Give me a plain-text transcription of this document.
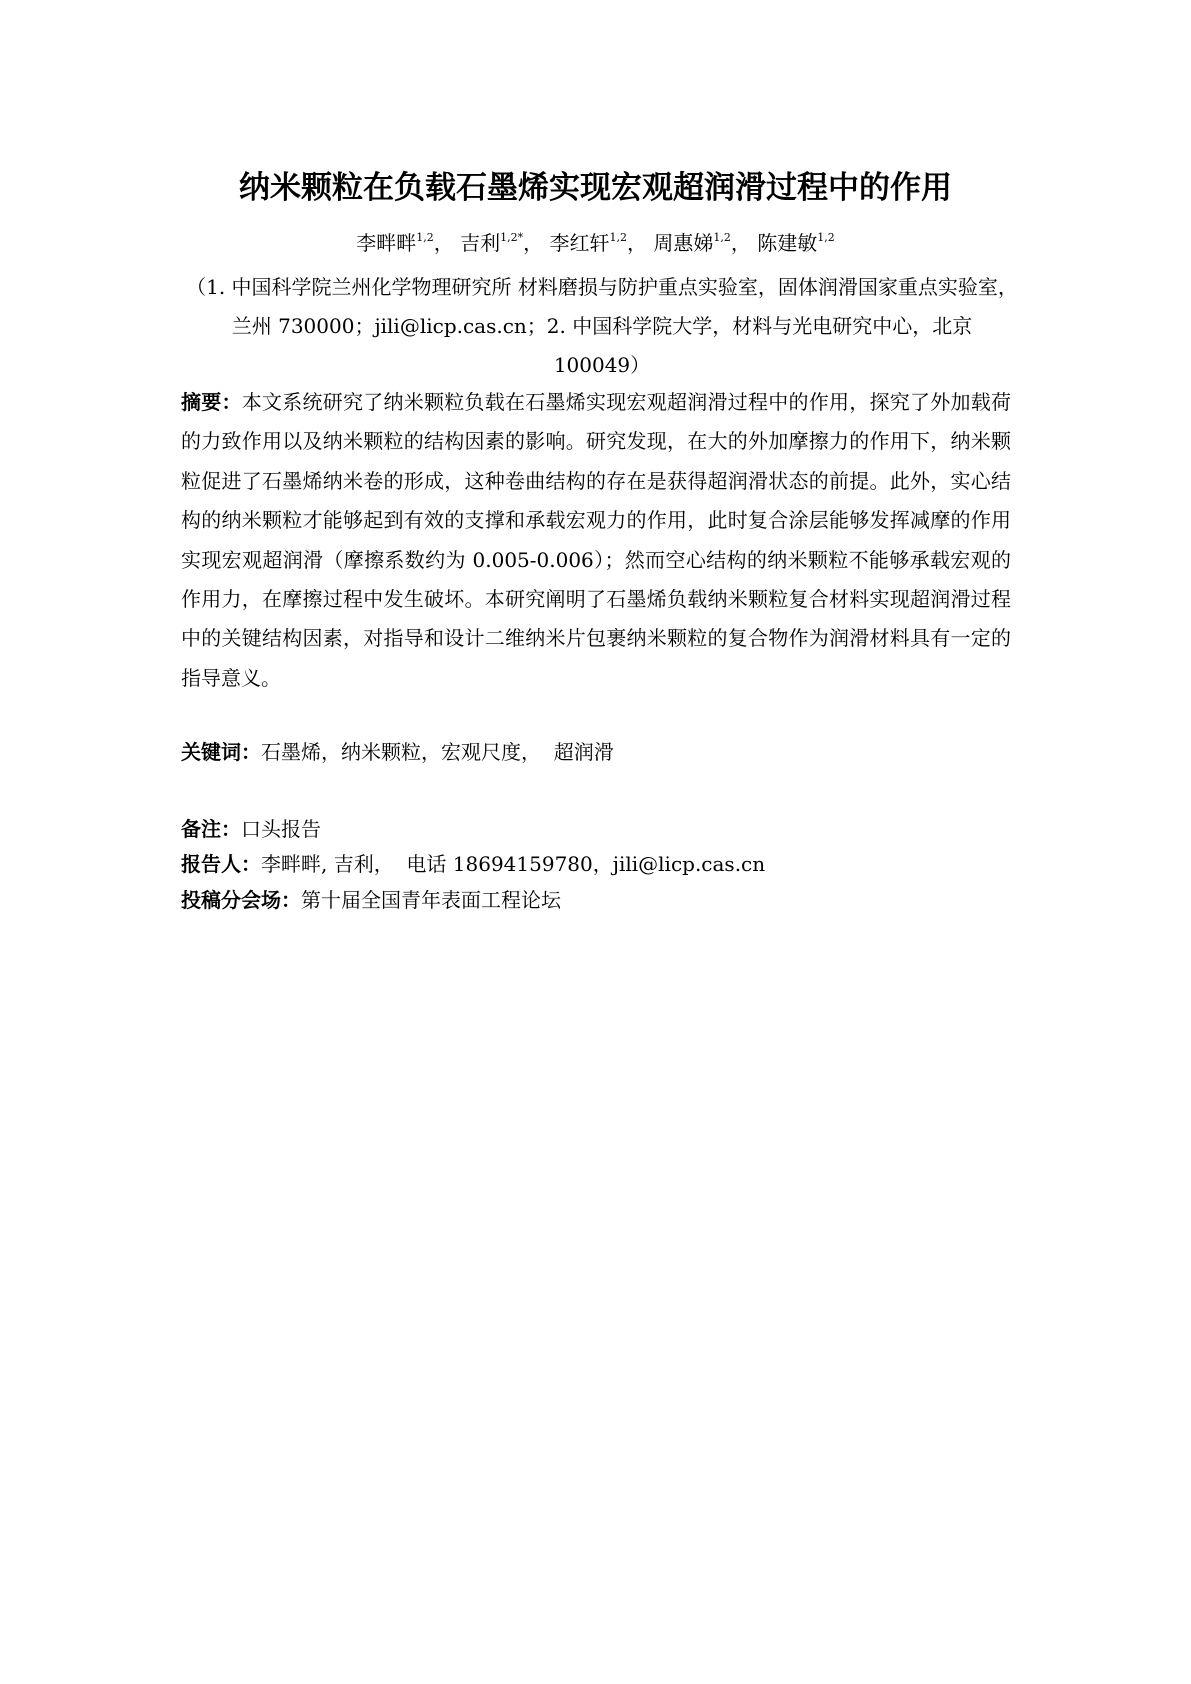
纳米颗粒在负载石墨烯实现宏观超润滑过程中的作用
李畔畔$^{1,2}$， 吉利$^{1,2*}$， 李红轩$^{1,2}$， 周惠娣$^{1,2}$， 陈建敏$^{1,2}$
（1. 中国科学院兰州化学物理研究所 材料磨损与防护重点实验室，固体润滑国家重点实验室，兰州 730000；jili@licp.cas.cn；2. 中国科学院大学，材料与光电研究中心，北京 100049）
摘要：本文系统研究了纳米颗粒负载在石墨烯实现宏观超润滑过程中的作用，探究了外加载荷的力致作用以及纳米颗粒的结构因素的影响。研究发现，在大的外加摩擦力的作用下，纳米颗粒促进了石墨烯纳米卷的形成，这种卷曲结构的存在是获得超润滑状态的前提。此外，实心结构的纳米颗粒才能够起到有效的支撑和承载宏观力的作用，此时复合涂层能够发挥减摩的作用实现宏观超润滑（摩擦系数约为 0.005-0.006）；然而空心结构的纳米颗粒不能够承载宏观的作用力，在摩擦过程中发生破坏。本研究阐明了石墨烯负载纳米颗粒复合材料实现超润滑过程中的关键结构因素，对指导和设计二维纳米片包裹纳米颗粒的复合物作为润滑材料具有一定的指导意义。
关键词：石墨烯，纳米颗粒，宏观尺度，  超润滑
备注：口头报告
报告人：李畔畔, 吉利，  电话 18694159780，jili@licp.cas.cn
投稿分会场：第十届全国青年表面工程论坛
